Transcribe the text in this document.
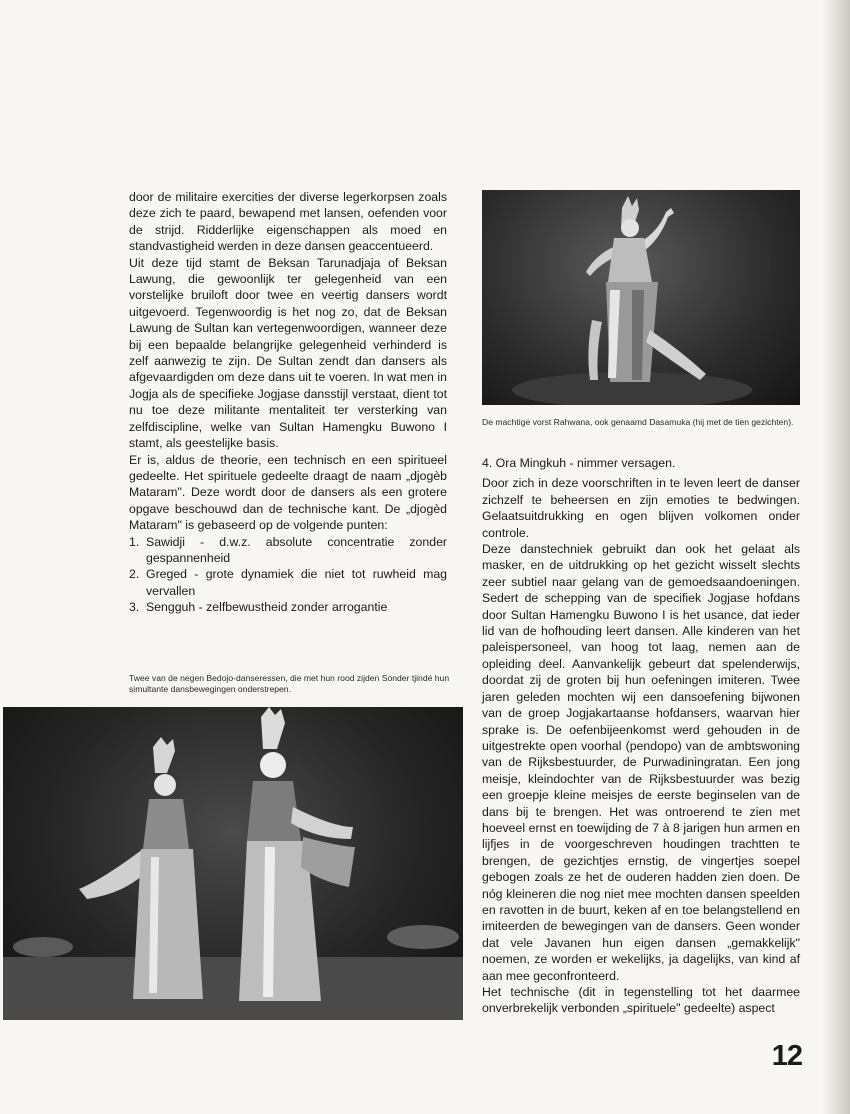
door de militaire exercities der diverse legerkorpsen zoals deze zich te paard, bewapend met lansen, oefenden voor de strijd. Ridderlijke eigenschappen als moed en standvastigheid werden in deze dansen geaccentueerd.

Uit deze tijd stamt de Beksan Tarunadjaja of Beksan Lawung, die gewoonlijk ter gelegenheid van een vorstelijke bruiloft door twee en veertig dansers wordt uitgevoerd. Tegenwoordig is het nog zo, dat de Beksan Lawung de Sultan kan vertegenwoordigen, wanneer deze bij een bepaalde belangrijke gelegenheid verhinderd is zelf aanwezig te zijn. De Sultan zendt dan dansers als afgevaardigden om deze dans uit te voeren. In wat men in Jogja als de specifieke Jogjase dansstijl verstaat, dient tot nu toe deze militante mentaliteit ter versterking van zelfdiscipline, welke van Sultan Hamengku Buwono I stamt, als geestelijke basis.

Er is, aldus de theorie, een technisch en een spiritueel gedeelte. Het spirituele gedeelte draagt de naam „djogèb Mataram". Deze wordt door de dansers als een grotere opgave beschouwd dan de technische kant. De „djogèd Mataram" is gebaseerd op de volgende punten:

1. Sawidji - d.w.z. absolute concentratie zonder gespannenheid
2. Greged - grote dynamiek die niet tot ruwheid mag vervallen
3. Sengguh - zelfbewustheid zonder arrogantie
De machtige vorst Rahwana, ook genaamd Dasamuka (hij met de tien gezichten).

4. Ora Mingkuh - nimmer versagen.

Door zich in deze voorschriften in te leven leert de danser zichzelf te beheersen en zijn emoties te bedwingen. Gelaatsuitdrukking en ogen blijven volkomen onder controle.

Deze danstechniek gebruikt dan ook het gelaat als masker, en de uitdrukking op het gezicht wisselt slechts zeer subtiel naar gelang van de gemoedsaandoeningen. Sedert de schepping van de specifiek Jogjase hofdans door Sultan Hamengku Buwono I is het usance, dat ieder lid van de hofhouding leert dansen. Alle kinderen van het paleispersoneel, van hoog tot laag, nemen aan de opleiding deel. Aanvankelijk gebeurt dat spelenderwijs, doordat zij de groten bij hun oefeningen imiteren. Twee jaren geleden mochten wij een dansoefening bijwonen van de groep Jogjakartaanse hofdansers, waarvan hier sprake is. De oefenbijeenkomst werd gehouden in de uitgestrekte open voorhal (pendopo) van de ambtswoning van de Rijksbestuurder, de Purwadiningratan. Een jong meisje, kleindochter van de Rijksbestuurder was bezig een groepje kleine meisjes de eerste beginselen van de dans bij te brengen. Het was ontroerend te zien met hoeveel ernst en toewijding de 7 à 8 jarigen hun armen en lijfjes in de voorgeschreven houdingen trachtten te brengen, de gezichtjes ernstig, de vingertjes soepel gebogen zoals ze het de ouderen hadden zien doen. De nóg kleineren die nog niet mee mochten dansen speelden en ravotten in de buurt, keken af en toe belangstellend en imiteerden de bewegingen van de dansers. Geen wonder dat vele Javanen hun eigen dansen „gemakkelijk" noemen, ze worden er wekelijks, ja dagelijks, van kind af aan mee geconfronteerd.

Het technische (dit in tegenstelling tot het daarmee onverbrekelijk verbonden „spirituele" gedeelte) aspect

Twee van de negen Bedojo-danseressen, die met hun rood zijden Sonder tjindé hun simultante dansbewegingen onderstrepen.
12
